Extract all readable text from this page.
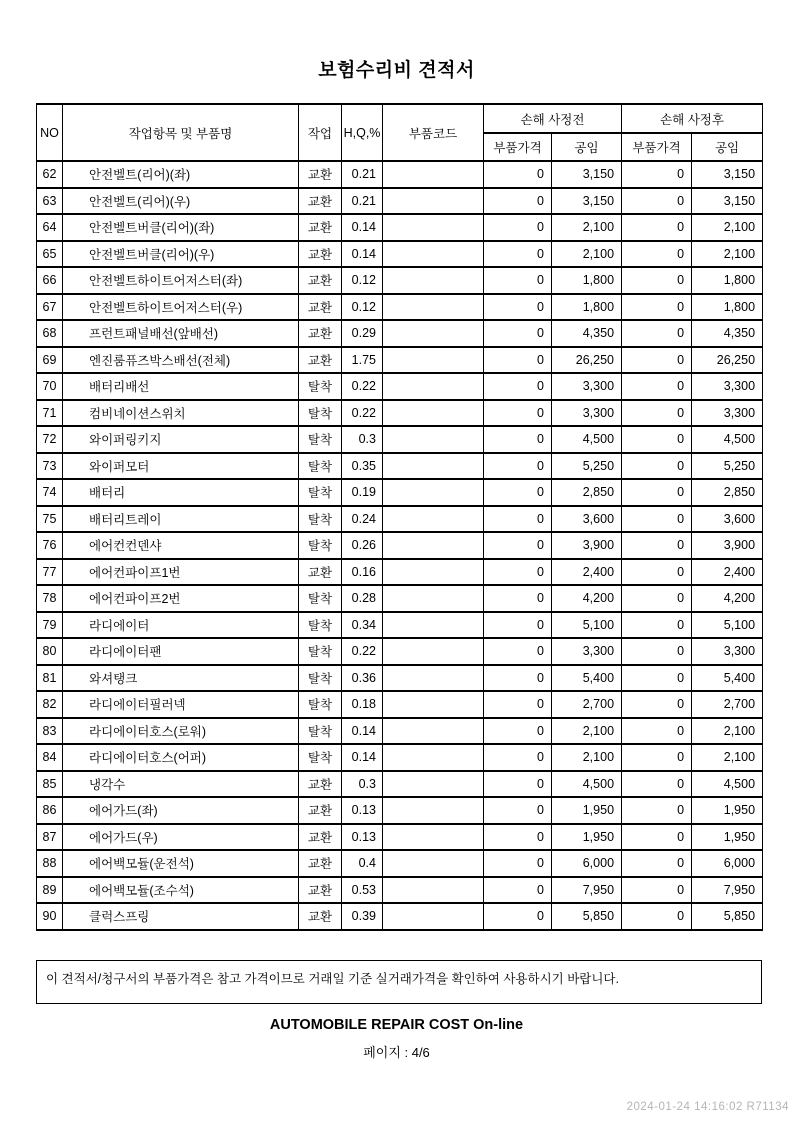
보험수리비 견적서
NO	작업항목 및 부품명	작업	H,Q,%	부품코드	손해 사정전		손해 사정후	
					부품가격	공임	부품가격	공임
62	안전벨트(리어)(좌)	교환	0.21		0	3,150	0	3,150
63	안전벨트(리어)(우)	교환	0.21		0	3,150	0	3,150
64	안전벨트버클(리어)(좌)	교환	0.14		0	2,100	0	2,100
65	안전벨트버클(리어)(우)	교환	0.14		0	2,100	0	2,100
66	안전벨트하이트어저스터(좌)	교환	0.12		0	1,800	0	1,800
67	안전벨트하이트어저스터(우)	교환	0.12		0	1,800	0	1,800
68	프런트패널배선(앞배선)	교환	0.29		0	4,350	0	4,350
69	엔진룸퓨즈박스배선(전체)	교환	1.75		0	26,250	0	26,250
70	배터리배선	탈착	0.22		0	3,300	0	3,300
71	컴비네이션스위치	탈착	0.22		0	3,300	0	3,300
72	와이퍼링키지	탈착	0.3		0	4,500	0	4,500
73	와이퍼모터	탈착	0.35		0	5,250	0	5,250
74	배터리	탈착	0.19		0	2,850	0	2,850
75	배터리트레이	탈착	0.24		0	3,600	0	3,600
76	에어컨컨덴샤	탈착	0.26		0	3,900	0	3,900
77	에어컨파이프1번	교환	0.16		0	2,400	0	2,400
78	에어컨파이프2번	탈착	0.28		0	4,200	0	4,200
79	라디에이터	탈착	0.34		0	5,100	0	5,100
80	라디에이터팬	탈착	0.22		0	3,300	0	3,300
81	와셔탱크	탈착	0.36		0	5,400	0	5,400
82	라디에이터필러넥	탈착	0.18		0	2,700	0	2,700
83	라디에이터호스(로워)	탈착	0.14		0	2,100	0	2,100
84	라디에이터호스(어퍼)	탈착	0.14		0	2,100	0	2,100
85	냉각수	교환	0.3		0	4,500	0	4,500
86	에어가드(좌)	교환	0.13		0	1,950	0	1,950
87	에어가드(우)	교환	0.13		0	1,950	0	1,950
88	에어백모듈(운전석)	교환	0.4		0	6,000	0	6,000
89	에어백모듈(조수석)	교환	0.53		0	7,950	0	7,950
90	클럭스프링	교환	0.39		0	5,850	0	5,850
이 견적서/청구서의 부품가격은 참고 가격이므로 거래일 기준 실거래가격을 확인하여 사용하시기 바랍니다.
AUTOMOBILE REPAIR COST On-line
페이지 : 4/6
2024-01-24 14:16:02 R71134
